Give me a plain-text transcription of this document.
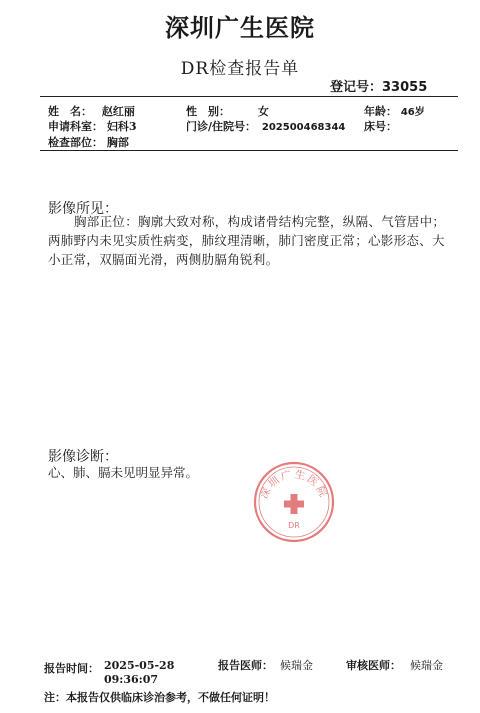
深圳广生医院
DR检查报告单
登记号：33055
姓　名： 赵红丽	性　别：	女	年龄： 46岁
申请科室： 妇科3	门诊/住院号： 202500468344 床号：
检查部位： 胸部
影像所见：
胸部正位：胸廓大致对称，构成诸骨结构完整，纵隔、气管居中；两肺野内未见实质性病变，肺纹理清晰，肺门密度正常；心影形态、大小正常，双膈面光滑，两侧肋膈角锐利。
影像诊断：
心、肺、膈未见明显异常。
深圳广生医院
DR
报告时间： 2025-05-28
09:36:07
报告医师： 候瑞金	审核医师： 候瑞金
注：本报告仅供临床诊治参考，不做任何证明！
